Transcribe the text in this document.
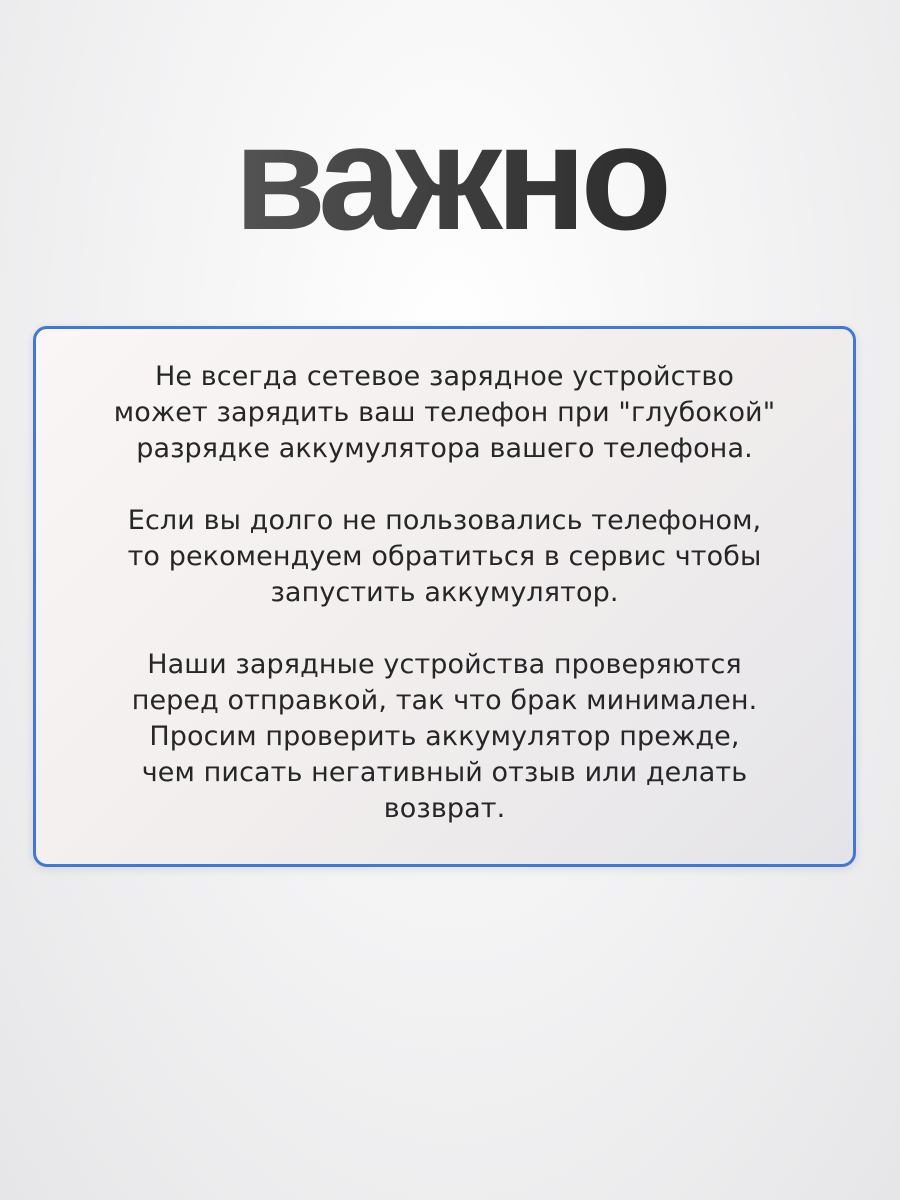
важно

Не всегда сетевое зарядное устройство
может зарядить ваш телефон при "глубокой"
разрядке аккумулятора вашего телефона.

Если вы долго не пользовались телефоном,
то рекомендуем обратиться в сервис чтобы
запустить аккумулятор.

Наши зарядные устройства проверяются
перед отправкой, так что брак минимален.
Просим проверить аккумулятор прежде,
чем писать негативный отзыв или делать
возврат.
